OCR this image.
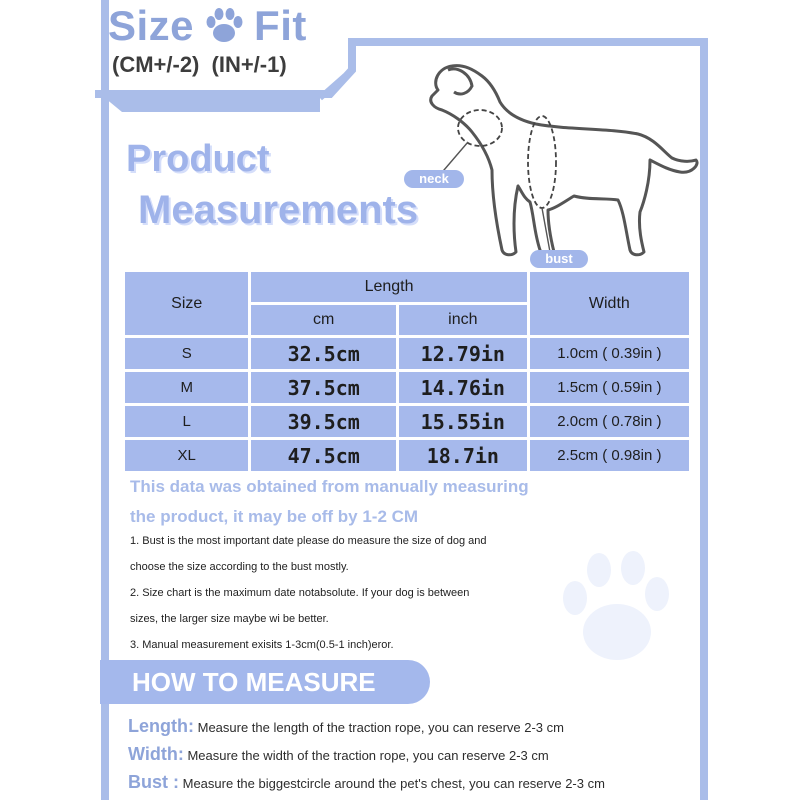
Size Fit
(CM+/-2) (IN+/-1)
Product
Measurements
neck
bust
Size	Length		Width
	cm	inch	
S	32.5cm	12.79in	1.0cm ( 0.39in )
M	37.5cm	14.76in	1.5cm ( 0.59in )
L	39.5cm	15.55in	2.0cm ( 0.78in )
XL	47.5cm	18.7in	2.5cm ( 0.98in )
This data was obtained from manually measuring
the product, it may be off by 1-2 CM
1. Bust is the most important date please do measure the size of dog and
choose the size according to the bust mostly.
2. Size chart is the maximum date notabsolute. If your dog is between
sizes, the larger size maybe wi be better.
3. Manual measurement exisits 1-3cm(0.5-1 inch)eror.
HOW TO MEASURE
Length: Measure the length of the traction rope, you can reserve 2-3 cm
Width: Measure the width of the traction rope, you can reserve 2-3 cm
Bust : Measure the biggestcircle around the pet's chest, you can reserve 2-3 cm
